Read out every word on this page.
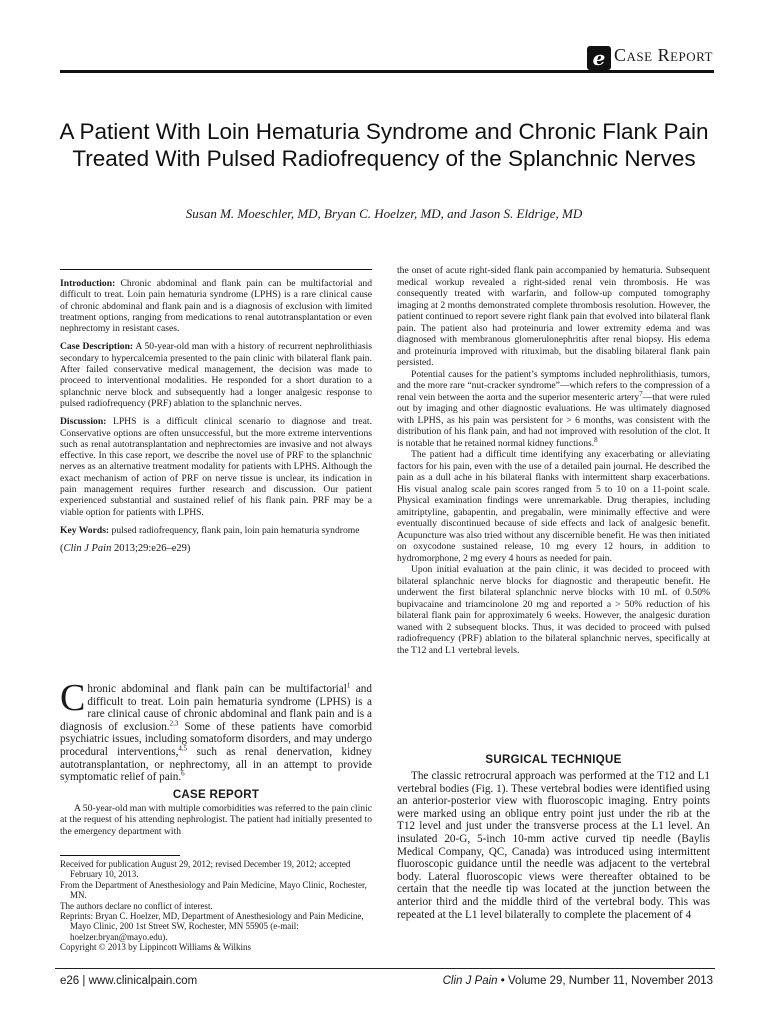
e Case Report
A Patient With Loin Hematuria Syndrome and Chronic Flank Pain Treated With Pulsed Radiofrequency of the Splanchnic Nerves
Susan M. Moeschler, MD, Bryan C. Hoelzer, MD, and Jason S. Eldrige, MD

Introduction: Chronic abdominal and flank pain can be multifactorial and difficult to treat. Loin pain hematuria syndrome (LPHS) is a rare clinical cause of chronic abdominal and flank pain and is a diagnosis of exclusion with limited treatment options, ranging from medications to renal autotransplantation or even nephrectomy in resistant cases.

Case Description: A 50-year-old man with a history of recurrent nephrolithiasis secondary to hypercalcemia presented to the pain clinic with bilateral flank pain. After failed conservative medical management, the decision was made to proceed to interventional modalities. He responded for a short duration to a splanchnic nerve block and subsequently had a longer analgesic response to pulsed radiofrequency (PRF) ablation to the splanchnic nerves.

Discussion: LPHS is a difficult clinical scenario to diagnose and treat. Conservative options are often unsuccessful, but the more extreme interventions such as renal autotransplantation and nephrectomies are invasive and not always effective. In this case report, we describe the novel use of PRF to the splanchnic nerves as an alternative treatment modality for patients with LPHS. Although the exact mechanism of action of PRF on nerve tissue is unclear, its indication in pain management requires further research and discussion. Our patient experienced substantial and sustained relief of his flank pain. PRF may be a viable option for patients with LPHS.

Key Words: pulsed radiofrequency, flank pain, loin pain hematuria syndrome

(Clin J Pain 2013;29:e26–e29)

Chronic abdominal and flank pain can be multifactorial$^1$ and difficult to treat. Loin pain hematuria syndrome (LPHS) is a rare clinical cause of chronic abdominal and flank pain and is a diagnosis of exclusion.$^{2,3}$ Some of these patients have comorbid psychiatric issues, including somatoform disorders, and may undergo procedural interventions,$^{4,5}$ such as renal denervation, kidney autotransplantation, or nephrectomy, all in an attempt to provide symptomatic relief of pain.$^6$

CASE REPORT

A 50-year-old man with multiple comorbidities was referred to the pain clinic at the request of his attending nephrologist. The patient had initially presented to the emergency department with

Received for publication August 29, 2012; revised December 19, 2012; accepted February 10, 2013.

From the Department of Anesthesiology and Pain Medicine, Mayo Clinic, Rochester, MN.

The authors declare no conflict of interest.

Reprints: Bryan C. Hoelzer, MD, Department of Anesthesiology and Pain Medicine, Mayo Clinic, 200 1st Street SW, Rochester, MN 55905 (e-mail: hoelzer.bryan@mayo.edu).

Copyright © 2013 by Lippincott Williams & Wilkins

the onset of acute right-sided flank pain accompanied by hematuria. Subsequent medical workup revealed a right-sided renal vein thrombosis. He was consequently treated with warfarin, and follow-up computed tomography imaging at 2 months demonstrated complete thrombosis resolution. However, the patient continued to report severe right flank pain that evolved into bilateral flank pain. The patient also had proteinuria and lower extremity edema and was diagnosed with membranous glomerulonephritis after renal biopsy. His edema and proteinuria improved with rituximab, but the disabling bilateral flank pain persisted.

Potential causes for the patient’s symptoms included nephrolithiasis, tumors, and the more rare “nut-cracker syndrome”—which refers to the compression of a renal vein between the aorta and the superior mesenteric artery$^7$—that were ruled out by imaging and other diagnostic evaluations. He was ultimately diagnosed with LPHS, as his pain was persistent for > 6 months, was consistent with the distribution of his flank pain, and had not improved with resolution of the clot. It is notable that he retained normal kidney functions.$^8$

The patient had a difficult time identifying any exacerbating or alleviating factors for his pain, even with the use of a detailed pain journal. He described the pain as a dull ache in his bilateral flanks with intermittent sharp exacerbations. His visual analog scale pain scores ranged from 5 to 10 on a 11-point scale. Physical examination findings were unremarkable. Drug therapies, including amitriptyline, gabapentin, and pregabalin, were minimally effective and were eventually discontinued because of side effects and lack of analgesic benefit. Acupuncture was also tried without any discernible benefit. He was then initiated on oxycodone sustained release, 10 mg every 12 hours, in addition to hydromorphone, 2 mg every 4 hours as needed for pain.

Upon initial evaluation at the pain clinic, it was decided to proceed with bilateral splanchnic nerve blocks for diagnostic and therapeutic benefit. He underwent the first bilateral splanchnic nerve blocks with 10 mL of 0.50% bupivacaine and triamcinolone 20 mg and reported a > 50% reduction of his bilateral flank pain for approximately 6 weeks. However, the analgesic duration waned with 2 subsequent blocks. Thus, it was decided to proceed with pulsed radiofrequency (PRF) ablation to the bilateral splanchnic nerves, specifically at the T12 and L1 vertebral levels.

SURGICAL TECHNIQUE

The classic retrocrural approach was performed at the T12 and L1 vertebral bodies (Fig. 1). These vertebral bodies were identified using an anterior-posterior view with fluoroscopic imaging. Entry points were marked using an oblique entry point just under the rib at the T12 level and just under the transverse process at the L1 level. An insulated 20-G, 5-inch 10-mm active curved tip needle (Baylis Medical Company, QC, Canada) was introduced using intermittent fluoroscopic guidance until the needle was adjacent to the vertebral body. Lateral fluoroscopic views were thereafter obtained to be certain that the needle tip was located at the junction between the anterior third and the middle third of the vertebral body. This was repeated at the L1 level bilaterally to complete the placement of 4

e26 | www.clinicalpain.com	Clin J Pain • Volume 29, Number 11, November 2013
